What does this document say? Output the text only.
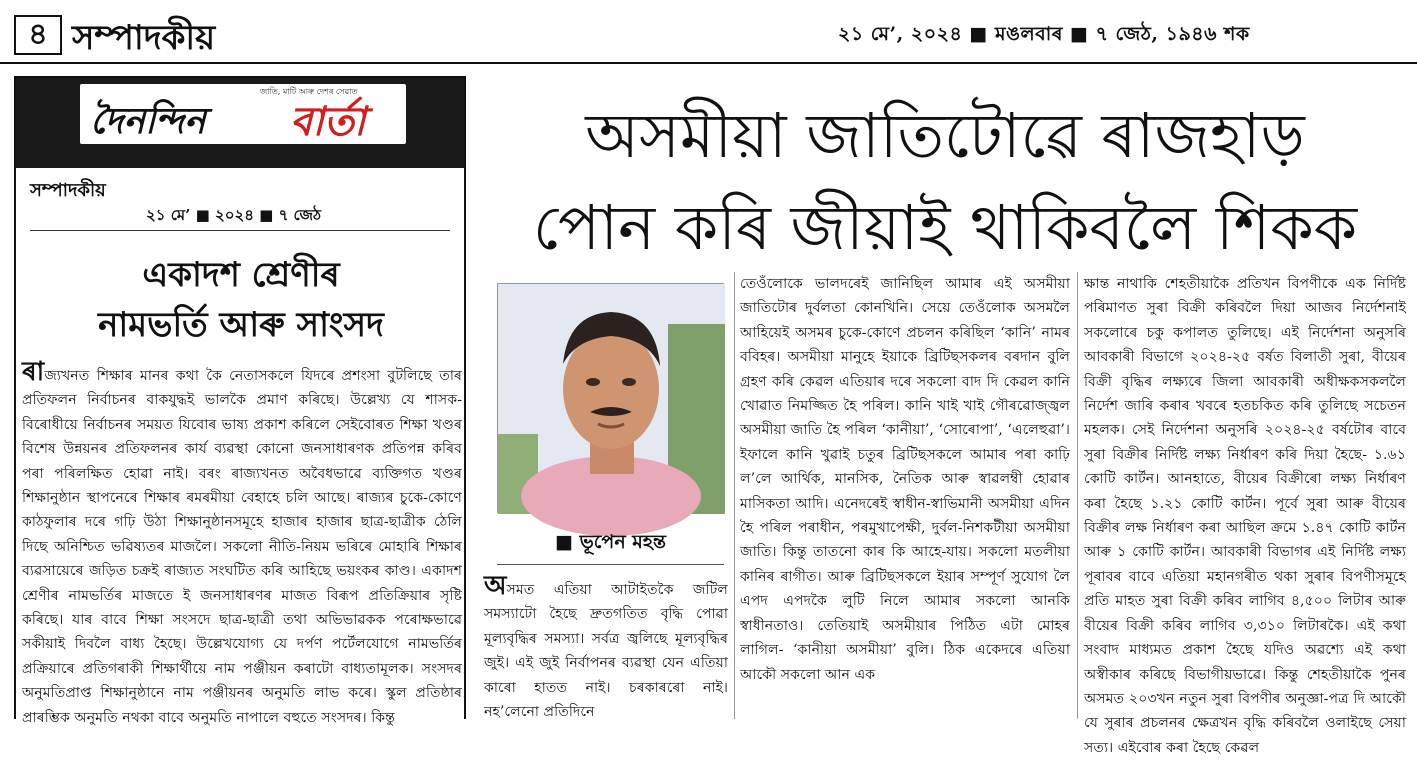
৪ সম্পাদকীয়	২১ মে’, ২০২৪ ■ মঙলবাৰ ■ ৭ জেঠ, ১৯৪৬ শক
জাতি, মাটি আৰু দেশৰ সেৱাত
দৈনন্দিন বাৰ্তা
সম্পাদকীয়
২১ মে’ ■ ২০২৪ ■ ৭ জেঠ
একাদশ শ্ৰেণীৰ
নামভৰ্তি আৰু সাংসদ
ৰাজ্যখনত শিক্ষাৰ মানৰ কথা কৈ নেতাসকলে যিদৰে প্ৰশংসা বুটলিছে তাৰ প্ৰতিফলন নিৰ্বাচনৰ বাকযুদ্ধই ভালকৈ প্ৰমাণ কৰিছে। উল্লেখ্য যে শাসক-বিৰোধীয়ে নিৰ্বাচনৰ সময়ত যিবোৰ ভাষ্য প্ৰকাশ কৰিলে সেইবোৰত শিক্ষা খণ্ডৰ বিশেষ উন্নয়নৰ প্ৰতিফলনৰ কাৰ্য ব্যৱস্থা কোনো জনসাধাৰণক প্ৰতিপন্ন কৰিব পৰা পৰিলক্ষিত হোৱা নাই। বৰং ৰাজ্যখনত অবৈধভাৱে ব্যক্তিগত খণ্ডৰ শিক্ষানুষ্ঠান স্থাপনেৰে শিক্ষাৰ ৰমৰমীয়া বেহাহে চলি আছে। ৰাজ্যৰ চুকে-কোণে কাঠফুলাৰ দৰে গঢ়ি উঠা শিক্ষানুষ্ঠানসমূহে হাজাৰ হাজাৰ ছাত্ৰ-ছাত্ৰীক ঠেলি দিছে অনিশ্চিত ভৱিষ্যতৰ মাজলৈ। সকলো নীতি-নিয়ম ভৰিৰে মোহাৰি শিক্ষাৰ ব্যৱসায়েৰে জড়িত চক্ৰই ৰাজ্যত সংঘটিত কৰি আহিছে ভয়ংকৰ কাণ্ড। একাদশ শ্ৰেণীৰ নামভৰ্তিৰ মাজতে ই জনসাধাৰণৰ মাজত বিৰূপ প্ৰতিক্ৰিয়াৰ সৃষ্টি কৰিছে। যাৰ বাবে শিক্ষা সংসদে ছাত্ৰ-ছাত্ৰী তথা অভিভাৱকক পৰোক্ষভাৱে সকীয়াই দিবলৈ বাধ্য হৈছে। উল্লেখযোগ্য যে দৰ্পণ পৰ্টেলযোগে নামভৰ্তিৰ প্ৰক্ৰিয়াৰে প্ৰতিগৰাকী শিক্ষাৰ্থীয়ে নাম পঞ্জীয়ন কৰাটো বাধ্যতামূলক। সংসদৰ অনুমতিপ্ৰাপ্ত শিক্ষানুষ্ঠানে নাম পঞ্জীয়নৰ অনুমতি লাভ কৰে। স্কুল প্ৰতিষ্ঠাৰ প্ৰাৰম্ভিক অনুমতি নথকা বাবে অনুমতি নাপালে বহুতে সংসদৰ। কিন্তু
অসমীয়া জাতিটোৱে ৰাজহাড়
পোন কৰি জীয়াই থাকিবলৈ শিকক
■ ভূপেন মহন্ত
অসমত এতিয়া আটাইতকৈ জটিল সমস্যাটো হৈছে দ্ৰুতগতিত বৃদ্ধি পোৱা মূল্যবৃদ্ধিৰ সমস্যা। সৰ্বত্ৰ জ্বলিছে মূল্যবৃদ্ধিৰ জুই। এই জুই নিৰ্বাপনৰ ব্যৱস্থা যেন এতিয়া কাৰো হাতত নাই। চৰকাৰৰো নাই। নহ’লেনো প্ৰতিদিনে
তেওঁলোকে ভালদৰেই জানিছিল আমাৰ এই অসমীয়া জাতিটোৰ দুৰ্বলতা কোনখিনি। সেয়ে তেওঁলোক অসমলৈ আহিয়েই অসমৰ চুকে-কোণে প্ৰচলন কৰিছিল ‘কানি’ নামৰ ববিহৰ। অসমীয়া মানুহে ইয়াকে ব্ৰিটিছসকলৰ বৰদান বুলি গ্ৰহণ কৰি কেৱল এতিয়াৰ দৰে সকলো বাদ দি কেৱল কানি খোৱাত নিমজ্জিত হৈ পৰিল। কানি খাই খাই গৌৰৱোজ্জ্বল অসমীয়া জাতি হৈ পৰিল ‘কানীয়া’, ‘সোৰোপা’, ‘এলেহুৱা’। ইফালে কানি খুৱাই চতুৰ ব্ৰিটিছসকলে আমাৰ পৰা কাঢ়ি ল’লে আৰ্থিক, মানসিক, নৈতিক আৰু স্বাৱলম্বী হোৱাৰ মাসিকতা আদি। এনেদৰেই স্বাধীন-স্বাভিমানী অসমীয়া এদিন হৈ পৰিল পৰাধীন, পৰমুখাপেক্ষী, দুৰ্বল-নিশকটীয়া অসমীয়া জাতি। কিন্তু তাতনো কাৰ কি আহে-যায়। সকলো মতলীয়া কানিৰ ৰাগীত। আৰু ব্ৰিটিছসকলে ইয়াৰ সম্পূৰ্ণ সুযোগ লৈ এপদ এপদকৈ লুটি নিলে আমাৰ সকলো আনকি স্বাধীনতাও। তেতিয়াই অসমীয়াৰ পিঠিত এটা মোহৰ লাগিল- ‘কানীয়া অসমীয়া’ বুলি। ঠিক একেদৰে এতিয়া আকৌ সকলো আন এক
ক্ষান্ত নাথাকি শেহতীয়াকৈ প্ৰতিখন বিপণীকে এক নিৰ্দিষ্ট পৰিমাণত সুৰা বিক্ৰী কৰিবলৈ দিয়া আজব নিৰ্দেশনাই সকলোৰে চকু কপালত তুলিছে। এই নিৰ্দেশনা অনুসৰি আবকাৰী বিভাগে ২০২৪-২৫ বৰ্ষত বিলাতী সুৰা, বীয়েৰ বিক্ৰী বৃদ্ধিৰ লক্ষ্যৰে জিলা আবকাৰী অধীক্ষকসকললৈ নিৰ্দেশ জাৰি কৰাৰ খবৰে হতচকিত কৰি তুলিছে সচেতন মহলক। সেই নিৰ্দেশনা অনুসৰি ২০২৪-২৫ বৰ্ষটোৰ বাবে সুৰা বিক্ৰীৰ নিৰ্দিষ্ট লক্ষ্য নিৰ্ধাৰণ কৰি দিয়া হৈছে- ১.৬১ কোটি কাৰ্টন। আনহাতে, বীয়েৰ বিক্ৰীৰো লক্ষ্য নিৰ্ধাৰণ কৰা হৈছে ১.২১ কোটি কাৰ্টন। পূৰ্বে সুৰা আৰু বীয়েৰ বিক্ৰীৰ লক্ষ নিৰ্ধাৰণ কৰা আছিল ক্ৰমে ১.৪৭ কোটি কাৰ্টন আৰু ১ কোটি কাৰ্টন। আবকাৰী বিভাগৰ এই নিৰ্দিষ্ট লক্ষ্য পূৰাবৰ বাবে এতিয়া মহানগৰীত থকা সুৰাৰ বিপণীসমূহে প্ৰতি মাহত সুৰা বিক্ৰী কৰিব লাগিব ৪,৫০০ লিটাৰ আৰু বীয়েৰ বিক্ৰী কৰিব লাগিব ৩,৩১০ লিটাৰকৈ। এই কথা সংবাদ মাধ্যমত প্ৰকাশ হৈছে যদিও অৱশ্যে এই কথা অস্বীকাৰ কৰিছে বিভাগীয়ভাৱে। কিন্তু শেহতীয়াকৈ পুনৰ অসমত ২০৩খন নতুন সুৰা বিপণীৰ অনুজ্ঞা-পত্ৰ দি আকৌ যে সুৰাৰ প্ৰচলনৰ ক্ষেত্ৰখন বৃদ্ধি কৰিবলৈ ওলাইছে সেয়া সত্য। এইবোৰ কৰা হৈছে কেৱল
